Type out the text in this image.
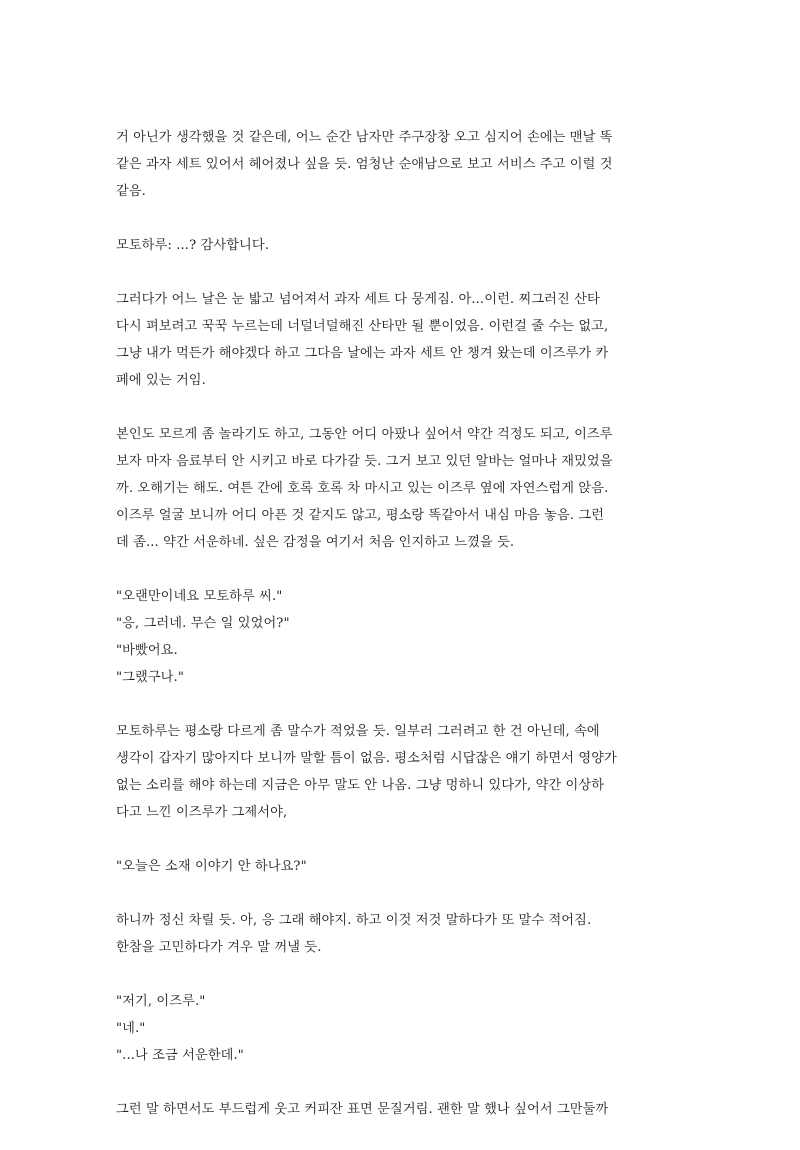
거 아닌가 생각했을 것 같은데, 어느 순간 남자만 주구장창 오고 심지어 손에는 맨날 똑
같은 과자 세트 있어서 헤어졌나 싶을 듯. 엄청난 순애남으로 보고 서비스 주고 이럴 것
같음.
모토하루: ...? 감사합니다.
그러다가 어느 날은 눈 밟고 넘어져서 과자 세트 다 뭉게짐. 아...이런. 찌그러진 산타
다시 펴보려고 꾹꾹 누르는데 너덜너덜해진 산타만 될 뿐이었음. 이런걸 줄 수는 없고,
그냥 내가 먹든가 해야겠다 하고 그다음 날에는 과자 세트 안 챙겨 왔는데 이즈루가 카
페에 있는 거임.
본인도 모르게 좀 놀라기도 하고, 그동안 어디 아팠나 싶어서 약간 걱정도 되고, 이즈루
보자 마자 음료부터 안 시키고 바로 다가갈 듯. 그거 보고 있던 알바는 얼마나 재밌었을
까. 오해기는 해도. 여튼 간에 호록 호록 차 마시고 있는 이즈루 옆에 자연스럽게 앉음.
이즈루 얼굴 보니까 어디 아픈 것 같지도 않고, 평소랑 똑같아서 내심 마음 놓음. 그런
데 좀... 약간 서운하네. 싶은 감정을 여기서 처음 인지하고 느꼈을 듯.
"오랜만이네요 모토하루 씨."
"응, 그러네. 무슨 일 있었어?"
"바빴어요.
"그랬구나."
모토하루는 평소랑 다르게 좀 말수가 적었을 듯. 일부러 그러려고 한 건 아닌데, 속에
생각이 갑자기 많아지다 보니까 말할 틈이 없음. 평소처럼 시답잖은 얘기 하면서 영양가
없는 소리를 해야 하는데 지금은 아무 말도 안 나옴. 그냥 멍하니 있다가, 약간 이상하
다고 느낀 이즈루가 그제서야,
"오늘은 소재 이야기 안 하나요?"
하니까 정신 차릴 듯. 아, 응 그래 해야지. 하고 이것 저것 말하다가 또 말수 적어짐.
한참을 고민하다가 겨우 말 꺼낼 듯.
"저기, 이즈루."
"네."
"...나 조금 서운한데."
그런 말 하면서도 부드럽게 웃고 커피잔 표면 문질거림. 괜한 말 했나 싶어서 그만둘까
